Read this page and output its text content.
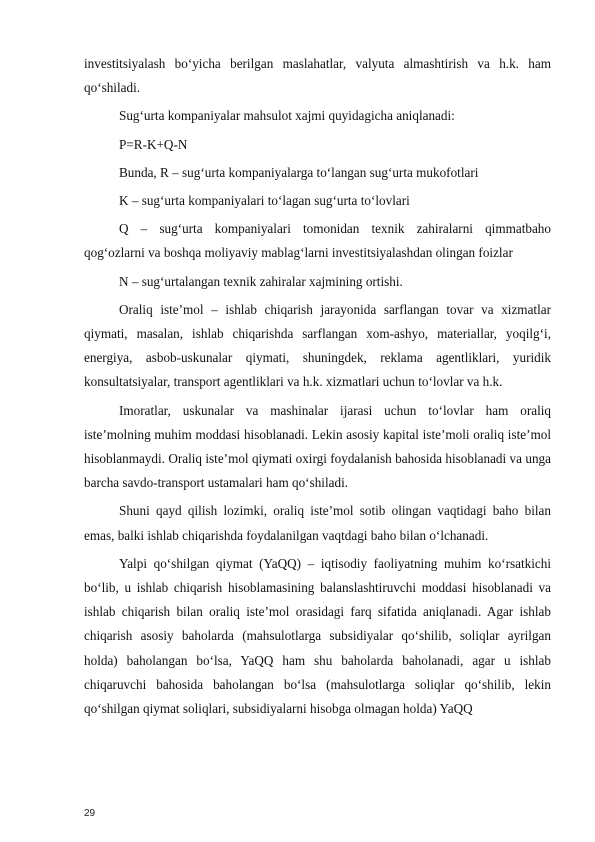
investitsiyalash bo‘yicha berilgan maslahatlar, valyuta almashtirish va h.k. ham qo‘shiladi.

Sug‘urta kompaniyalar mahsulot xajmi quyidagicha aniqlanadi:

P=R-K+Q-N

Bunda, R – sug‘urta kompaniyalarga to‘langan sug‘urta mukofotlari

K – sug‘urta kompaniyalari to‘lagan sug‘urta to‘lovlari

Q – sug‘urta kompaniyalari tomonidan texnik zahiralarni qimmatbaho qog‘ozlarni va boshqa moliyaviy mablag‘larni investitsiyalashdan olingan foizlar

N – sug‘urtalangan texnik zahiralar xajmining ortishi.

Oraliq iste’mol – ishlab chiqarish jarayonida sarflangan tovar va xizmatlar qiymati, masalan, ishlab chiqarishda sarflangan xom-ashyo, materiallar, yoqilg‘i, energiya, asbob-uskunalar qiymati, shuningdek, reklama agentliklari, yuridik konsultatsiyalar, transport agentliklari va h.k. xizmatlari uchun to‘lovlar va h.k.

Imoratlar, uskunalar va mashinalar ijarasi uchun to‘lovlar ham oraliq iste’molning muhim moddasi hisoblanadi. Lekin asosiy kapital iste’moli oraliq iste’mol hisoblanmaydi. Oraliq iste’mol qiymati oxirgi foydalanish bahosida hisoblanadi va unga barcha savdo-transport ustamalari ham qo‘shiladi.

Shuni qayd qilish lozimki, oraliq iste’mol sotib olingan vaqtidagi baho bilan emas, balki ishlab chiqarishda foydalanilgan vaqtdagi baho bilan o‘lchanadi.

Yalpi qo‘shilgan qiymat (YaQQ) – iqtisodiy faoliyatning muhim ko‘rsatkichi bo‘lib, u ishlab chiqarish hisoblamasining balanslashtiruvchi moddasi hisoblanadi va ishlab chiqarish bilan oraliq iste’mol orasidagi farq sifatida aniqlanadi. Agar ishlab chiqarish asosiy baholarda (mahsulotlarga subsidiyalar qo‘shilib, soliqlar ayrilgan holda) baholangan bo‘lsa, YaQQ ham shu baholarda baholanadi, agar u ishlab chiqaruvchi bahosida baholangan bo‘lsa (mahsulotlarga soliqlar qo‘shilib, lekin qo‘shilgan qiymat soliqlari, subsidiyalarni hisobga olmagan holda) YaQQ

29
